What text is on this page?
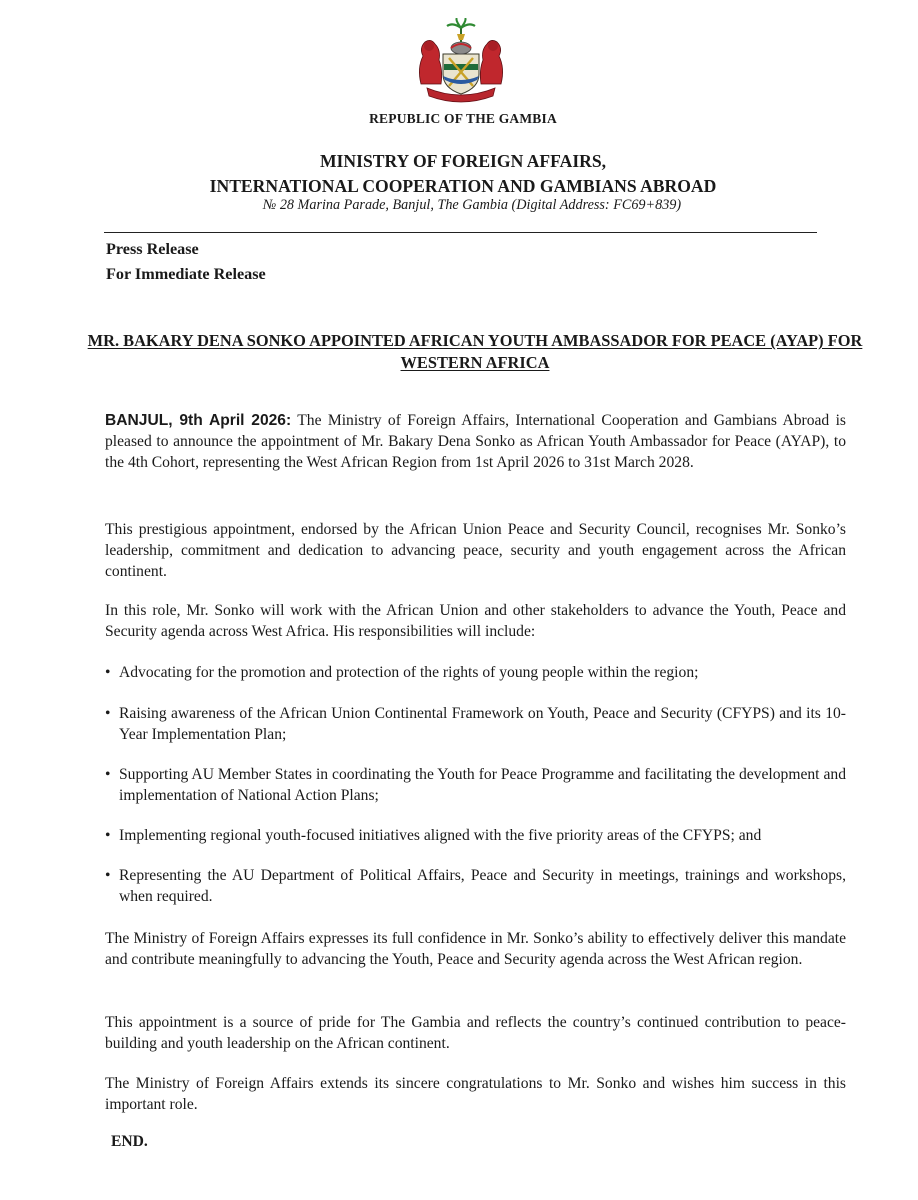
REPUBLIC OF THE GAMBIA
MINISTRY OF FOREIGN AFFAIRS,
INTERNATIONAL COOPERATION AND GAMBIANS ABROAD
№ 28 Marina Parade, Banjul, The Gambia (Digital Address: FC69+839)
Press Release
For Immediate Release
MR. BAKARY DENA SONKO APPOINTED AFRICAN YOUTH AMBASSADOR FOR PEACE (AYAP) FOR WESTERN AFRICA
BANJUL, 9th April 2026: The Ministry of Foreign Affairs, International Cooperation and Gambians Abroad is pleased to announce the appointment of Mr. Bakary Dena Sonko as African Youth Ambassador for Peace (AYAP), to the 4th Cohort, representing the West African Region from 1st April 2026 to 31st March 2028.
This prestigious appointment, endorsed by the African Union Peace and Security Council, recognises Mr. Sonko’s leadership, commitment and dedication to advancing peace, security and youth engagement across the African continent.
In this role, Mr. Sonko will work with the African Union and other stakeholders to advance the Youth, Peace and Security agenda across West Africa. His responsibilities will include:
• Advocating for the promotion and protection of the rights of young people within the region;
• Raising awareness of the African Union Continental Framework on Youth, Peace and Security (CFYPS) and its 10-Year Implementation Plan;
• Supporting AU Member States in coordinating the Youth for Peace Programme and facilitating the development and implementation of National Action Plans;
• Implementing regional youth-focused initiatives aligned with the five priority areas of the CFYPS; and
• Representing the AU Department of Political Affairs, Peace and Security in meetings, trainings and workshops, when required.
The Ministry of Foreign Affairs expresses its full confidence in Mr. Sonko’s ability to effectively deliver this mandate and contribute meaningfully to advancing the Youth, Peace and Security agenda across the West African region.
This appointment is a source of pride for The Gambia and reflects the country’s continued contribution to peace-building and youth leadership on the African continent.
The Ministry of Foreign Affairs extends its sincere congratulations to Mr. Sonko and wishes him success in this important role.
END.
